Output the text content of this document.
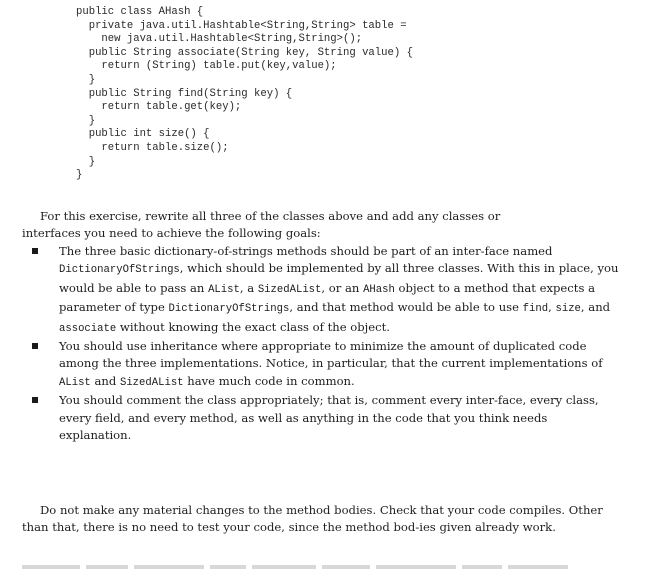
public class AHash {
private java.util.Hashtable<String,String> table =
new java.util.Hashtable<String,String>();
public String associate(String key, String value) {
return (String) table.put(key,value);
}
public String find(String key) {
return table.get(key);
}
public int size() {
return table.size();
}
}

For this exercise, rewrite all three of the classes above and add any classes or
interfaces you need to achieve the following goals:

The three basic dictionary-of-strings methods should be part of an inter-face named DictionaryOfStrings, which should be implemented by all three classes. With this in place, you would be able to pass an AList, a SizedAList, or an AHash object to a method that expects a parameter of type DictionaryOfStrings, and that method would be able to use find, size, and associate without knowing the exact class of the object.
You should use inheritance where appropriate to minimize the amount of duplicated code among the three implementations. Notice, in particular, that the current implementations of AList and SizedAList have much code in common.
You should comment the class appropriately; that is, comment every inter-face, every class, every field, and every method, as well as anything in the code that you think needs explanation.

Do not make any material changes to the method bodies. Check that your code compiles. Other than that, there is no need to test your code, since the method bod-ies given already work.
